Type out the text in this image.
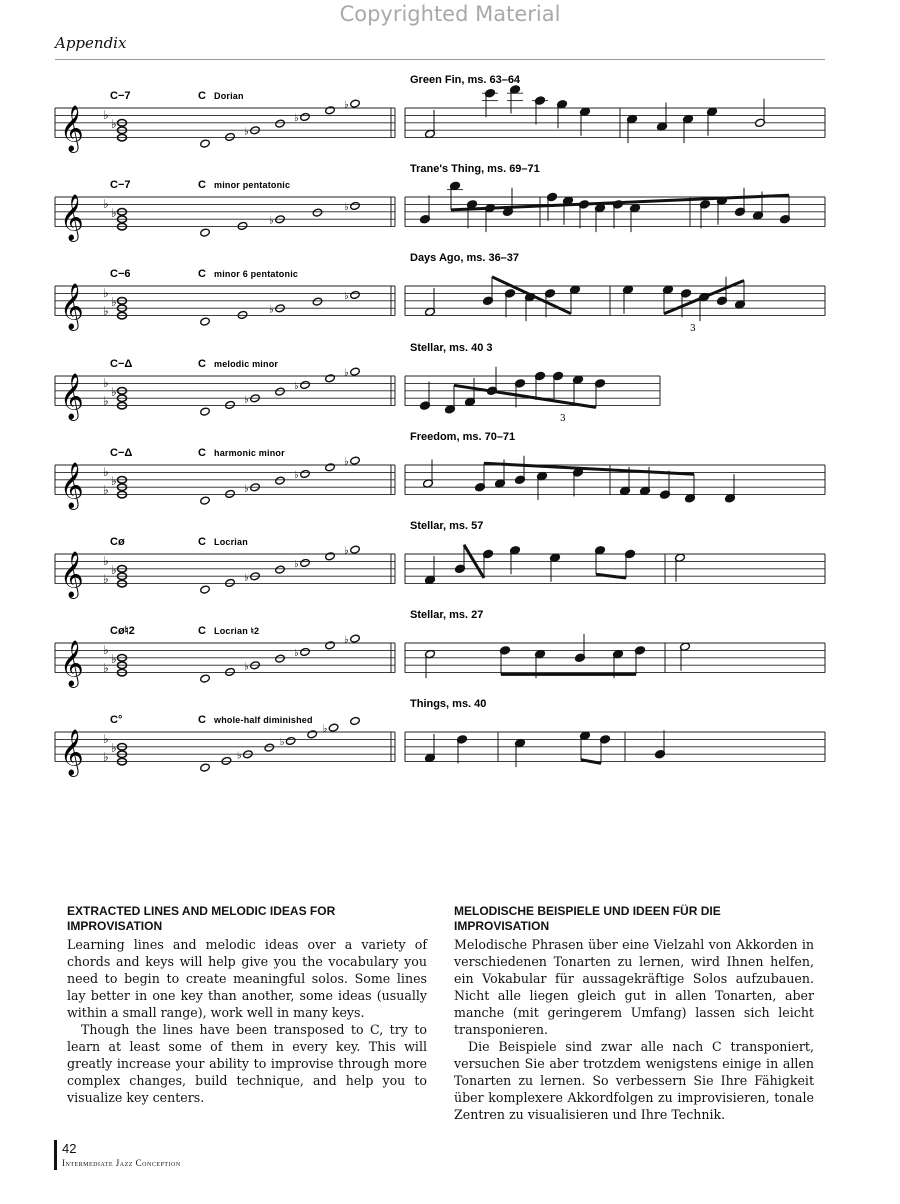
Copyrighted Material
Appendix
𝄞 ♭
♭
♭
♭
♭
C−7	C Dorian
Green Fin, ms. 63–64
𝄞 ♭
♭
♭
♭
C−7	C minor pentatonic
Trane's Thing, ms. 69–71
𝄞 ♭
♭
♭	♭
♭
C−6	C minor 6 pentatonic
3
Days Ago, ms. 36–37
𝄞 ♭
♭
♭	♭
♭
♭
C−Δ	C melodic minor
3
Stellar, ms. 40 3
𝄞 ♭
♭
♭	♭
♭
♭
C−Δ	C harmonic minor
Freedom, ms. 70–71
𝄞 ♭
♭
♭	♭
♭
♭
Cø	C Locrian
Stellar, ms. 57
𝄞 ♭
♭
♭	♭
♭
♭
Cø♮2	C Locrian ♮2
Stellar, ms. 27
𝄞 ♭
♭
♭	♭
♭
♭
C°	C whole-half diminished
Things, ms. 40
EXTRACTED LINES AND MELODIC IDEAS FOR IMPROVISATION

Learning lines and melodic ideas over a variety of chords and keys will help give you the vocabulary you need to begin to create meaningful solos. Some lines lay better in one key than another, some ideas (usually within a small range), work well in many keys.

Though the lines have been transposed to C, try to learn at least some of them in every key. This will greatly increase your ability to improvise through more complex changes, build technique, and help you to visualize key centers.

MELODISCHE BEISPIELE UND IDEEN FÜR DIE IMPROVISATION

Melodische Phrasen über eine Vielzahl von Akkorden in verschiedenen Tonarten zu lernen, wird Ihnen helfen, ein Vokabular für aussagekräftige Solos aufzubauen. Nicht alle liegen gleich gut in allen Tonarten, aber manche (mit geringerem Umfang) lassen sich leicht transponieren.

Die Beispiele sind zwar alle nach C transponiert, versuchen Sie aber trotzdem wenigstens einige in allen Tonarten zu lernen. So verbessern Sie Ihre Fähigkeit über komplexere Akkordfolgen zu improvisieren, tonale Zentren zu visualisieren und Ihre Technik.

42
Intermediate Jazz Conception
